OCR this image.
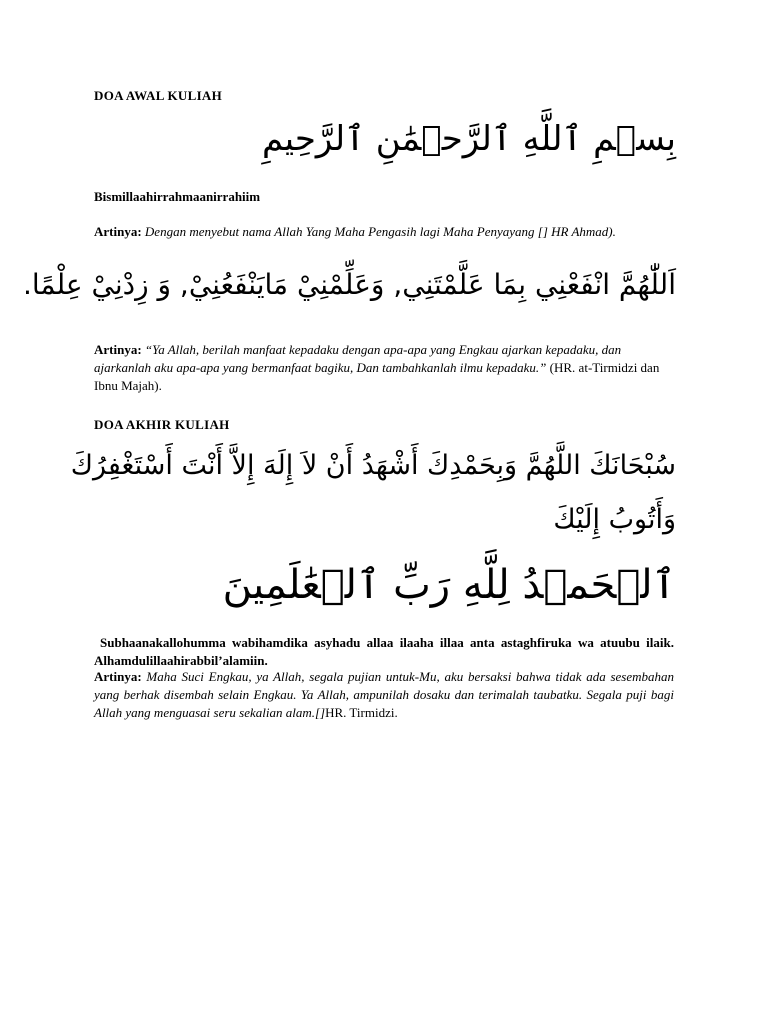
DOA AWAL KULIAH

بِسۡمِ ٱللَّهِ ٱلرَّحۡمَٰنِ ٱلرَّحِيمِ

Bismillaahirrahmaanirrahiim

Artinya: Dengan menyebut nama Allah Yang Maha Pengasih lagi Maha Penyayang [] HR Ahmad).

اَللّٰهُمَّ انْفَعْنِي بِمَا عَلَّمْتَنِي, وَعَلِّمْنِيْ مَايَنْفَعُنِيْ, وَ زِدْنِيْ عِلْمًا.

Artinya: “Ya Allah, berilah manfaat kepadaku dengan apa-apa yang Engkau ajarkan kepadaku, dan ajarkanlah aku apa-apa yang bermanfaat bagiku, Dan tambahkanlah ilmu kepadaku.” (HR. at-Tirmidzi dan Ibnu Majah).

DOA AKHIR KULIAH

سُبْحَانَكَ اللَّهُمَّ وَبِحَمْدِكَ أَشْهَدُ أَنْ لاَ إِلَهَ إِلاَّ أَنْتَ أَسْتَغْفِرُكَ

وَأَتُوبُ إِلَيْكَ

ٱلۡحَمۡدُ لِلَّهِ رَبِّ ٱلۡعَٰلَمِينَ

Subhaanakallohumma wabihamdika asyhadu allaa ilaaha illaa anta astaghfiruka wa atuubu ilaik. Alhamdulillaahirabbil’alamiin.

Artinya: Maha Suci Engkau, ya Allah, segala pujian untuk-Mu, aku bersaksi bahwa tidak ada sesembahan yang berhak disembah selain Engkau. Ya Allah, ampunilah dosaku dan terimalah taubatku. Segala puji bagi Allah yang menguasai seru sekalian alam.[]HR. Tirmidzi.
